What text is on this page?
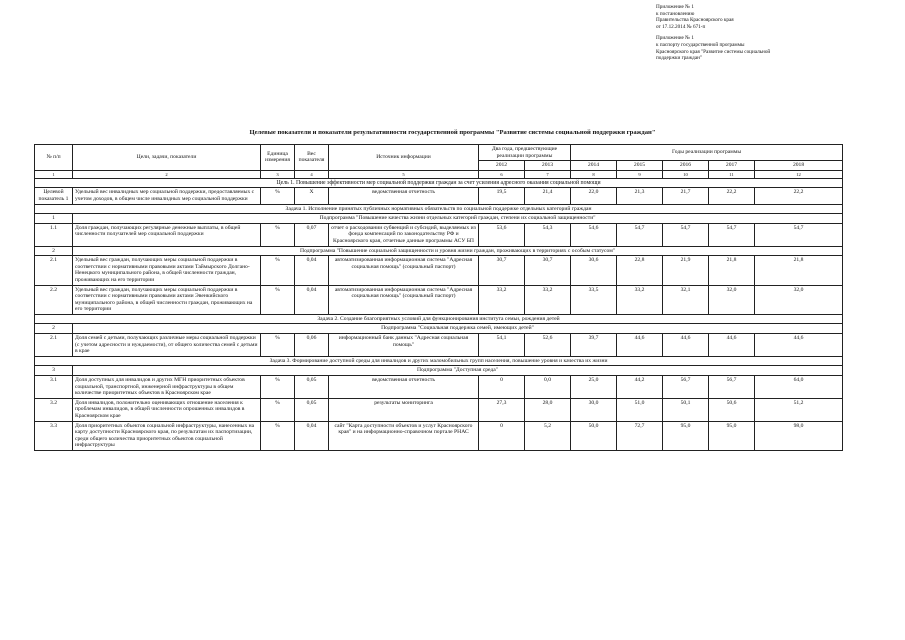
Приложение № 1
к постановлению
Правительства Красноярского края
от 17.12.2014 № 671-п
Приложение № 1
к паспорту государственной программы
Красноярского края "Развитие системы социальной
поддержки граждан"
Целевые показатели и показатели результативности государственной программы "Развитие системы социальной поддержки граждан"
№ п/п	Цели, задачи, показатели	Единица измерения	Вес показателя	Источник информации	Два года, предшествующие реализации программы		Годы реализации программы				
					2012	2013	2014	2015	2016	2017	2018
1	2	3	4	5	6	7	8	9	10	11	12
Цель 1. Повышение эффективности мер социальной поддержки граждан за счет усиления адресного оказания социальной помощи											
Целевой показатель 1	Удельный вес инвалидных мер социальной поддержки, предоставляемых с учетом доходов, в общем числе инвалидных мер социальной поддержки	%	X	ведомственная отчетность	19,5	21,4	22,0	21,3	21,7	22,2	22,2
Задача 1. Исполнение принятых публичных нормативных обязательств по социальной поддержке отдельных категорий граждан											
1	Подпрограмма "Повышение качества жизни отдельных категорий граждан, степени их социальной защищенности"										
1.1	Доля граждан, получающих регулярные денежные выплаты, в общей численности получателей мер социальной поддержки	%	0,07	отчет о расходовании субвенций и субсидий, выделяемых из фонда компенсаций по законодательству РФ и Красноярского края, отчетные данные программы АСУ БП	53,6	54,3	54,6	54,7	54,7	54,7	54,7
2	Подпрограмма "Повышение социальной защищенности и уровня жизни граждан, проживающих в территориях с особым статусом"										
2.1	Удельный вес граждан, получающих меры социальной поддержки в соответствии с нормативными правовыми актами Таймырского Долгано-Ненецкого муниципального района, в общей численности граждан, проживающих на его территории	%	0,04	автоматизированная информационная система "Адресная социальная помощь" (социальный паспорт)	30,7	30,7	30,6	22,8	21,9	21,8	21,8
2.2	Удельный вес граждан, получающих меры социальной поддержки в соответствии с нормативными правовыми актами Эвенкийского муниципального района, в общей численности граждан, проживающих на его территории	%	0,04	автоматизированная информационная система "Адресная социальная помощь" (социальный паспорт)	33,2	33,2	33,5	33,2	32,1	32,0	32,0
Задача 2. Создание благоприятных условий для функционирования института семьи, рождения детей											
2	Подпрограмма "Социальная поддержка семей, имеющих детей"										
2.1	Доля семей с детьми, получающих различные меры социальной поддержки (с учетом адресности и нуждаемости), от общего количества семей с детьми в крае	%	0,06	информационный банк данных "Адресная социальная помощь"	54,1	52,6	39,7	44,6	44,6	44,6	44,6
Задача 3. Формирование доступной среды для инвалидов и других маломобильных групп населения, повышение уровня и качества их жизни											
3	Подпрограмма "Доступная среда"										
3.1	Доля доступных для инвалидов и других МГН приоритетных объектов социальной, транспортной, инженерной инфраструктуры в общем количестве приоритетных объектов в Красноярском крае	%	0,05	ведомственная отчетность	0	0,0	25,0	44,2	56,7	56,7	64,0
3.2	Доля инвалидов, положительно оценивающих отношение населения к проблемам инвалидов, в общей численности опрошенных инвалидов в Красноярском крае	%	0,05	результаты мониторинга	27,3	28,0	30,0	51,0	50,1	50,6	51,2
3.3	Доля приоритетных объектов социальной инфраструктуры, нанесенных на карту доступности Красноярского края, по результатам их паспортизации, среди общего количества приоритетных объектов социальной инфраструктуры	%	0,04	сайт "Карта доступности объектов и услуг Красноярского края" и на информационно-справочном портале РНАС	0	5,2	50,0	72,7	95,0	95,0	98,0
